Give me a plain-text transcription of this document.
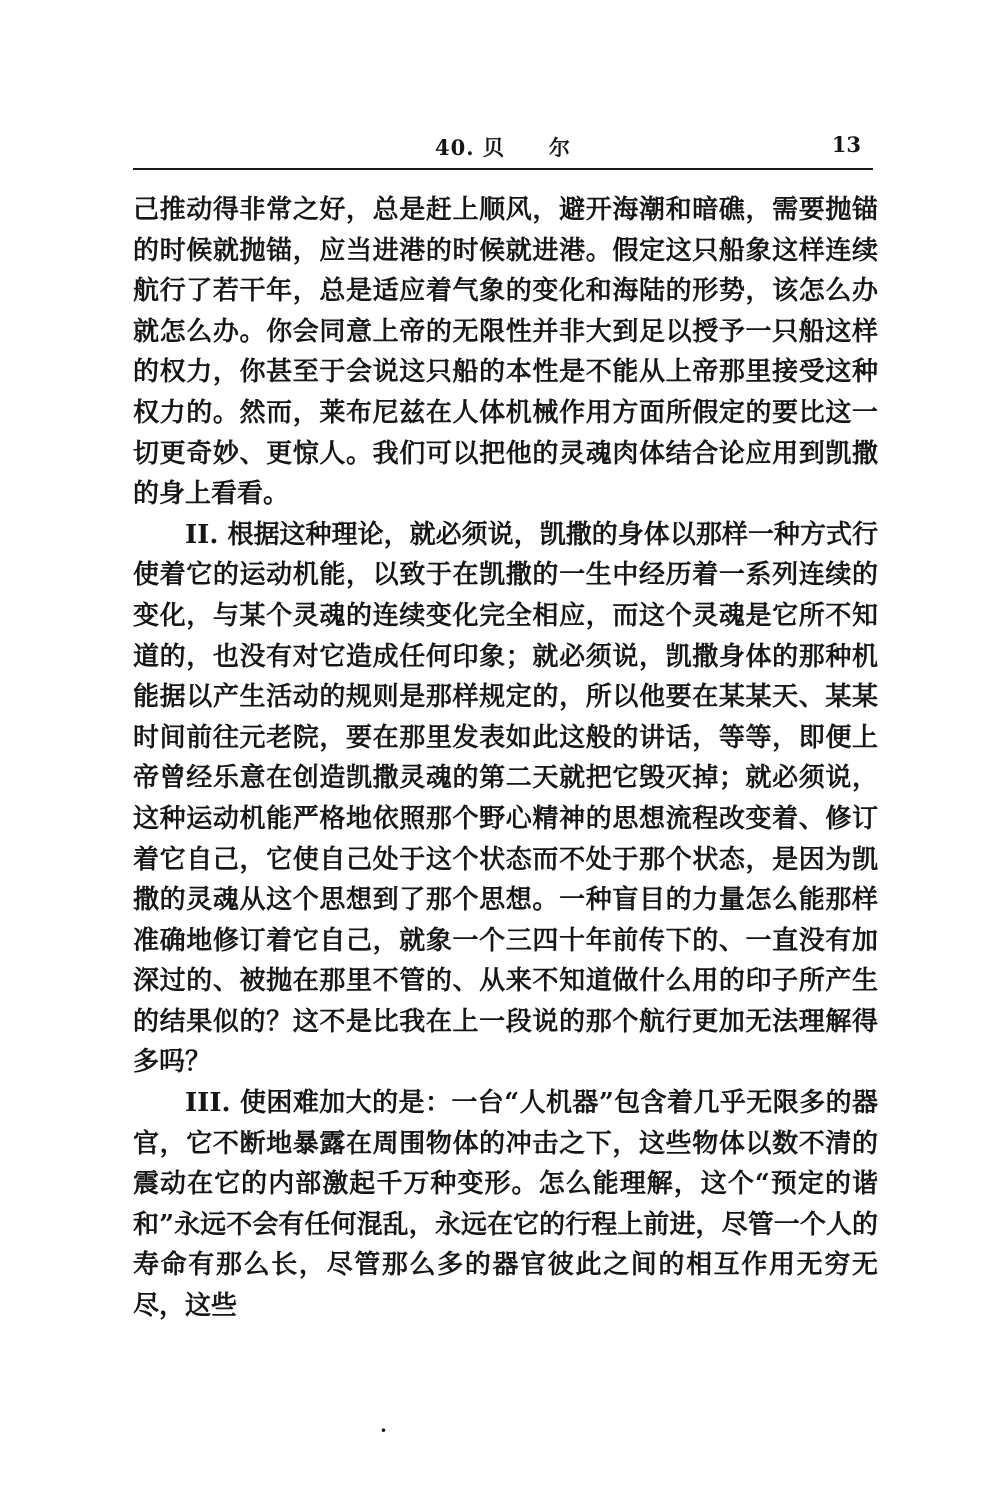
40. 贝 尔	13

己推动得非常之好，总是赶上顺风，避开海潮和暗礁，需要抛锚的时候就抛锚，应当进港的时候就进港。假定这只船象这样连续航行了若干年，总是适应着气象的变化和海陆的形势，该怎么办就怎么办。你会同意上帝的无限性并非大到足以授予一只船这样的权力，你甚至于会说这只船的本性是不能从上帝那里接受这种权力的。然而，莱布尼兹在人体机械作用方面所假定的要比这一切更奇妙、更惊人。我们可以把他的灵魂肉体结合论应用到凯撒的身上看看。

II. 根据这种理论，就必须说，凯撒的身体以那样一种方式行使着它的运动机能，以致于在凯撒的一生中经历着一系列连续的变化，与某个灵魂的连续变化完全相应，而这个灵魂是它所不知道的，也没有对它造成任何印象；就必须说，凯撒身体的那种机能据以产生活动的规则是那样规定的，所以他要在某某天、某某时间前往元老院，要在那里发表如此这般的讲话，等等，即便上帝曾经乐意在创造凯撒灵魂的第二天就把它毁灭掉；就必须说，这种运动机能严格地依照那个野心精神的思想流程改变着、修订着它自己，它使自己处于这个状态而不处于那个状态，是因为凯撒的灵魂从这个思想到了那个思想。一种盲目的力量怎么能那样准确地修订着它自己，就象一个三四十年前传下的、一直没有加深过的、被抛在那里不管的、从来不知道做什么用的印子所产生的结果似的？这不是比我在上一段说的那个航行更加无法理解得多吗？

III. 使困难加大的是：一台“人机器”包含着几乎无限多的器官，它不断地暴露在周围物体的冲击之下，这些物体以数不清的震动在它的内部激起千万种变形。怎么能理解，这个“预定的谐和”永远不会有任何混乱，永远在它的行程上前进，尽管一个人的寿命有那么长，尽管那么多的器官彼此之间的相互作用无穷无尽，这些

·
